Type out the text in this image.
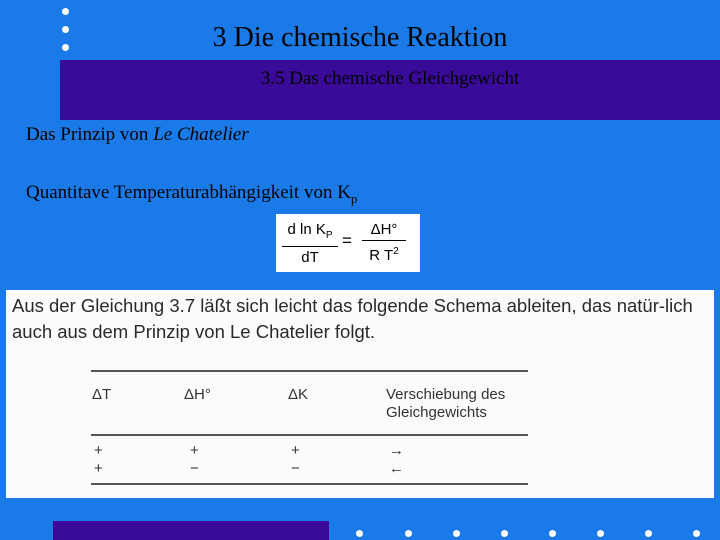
3 Die chemische Reaktion
3.5 Das chemische Gleichgewicht
Das Prinzip von Le Chatelier
Quantitave Temperaturabhängigkeit von $K_p$
$\frac{d \ln K_P}{dT} = \frac{\Delta H^\circ}{R T^2}$
Aus der Gleichung 3.7 läßt sich leicht das folgende Schema ableiten, das natür-lich auch aus dem Prinzip von Le Chatelier folgt.
ΔT	ΔH°	ΔK	Verschiebung des
Gleichgewichts
+	+	+	→
+	−	−	←
